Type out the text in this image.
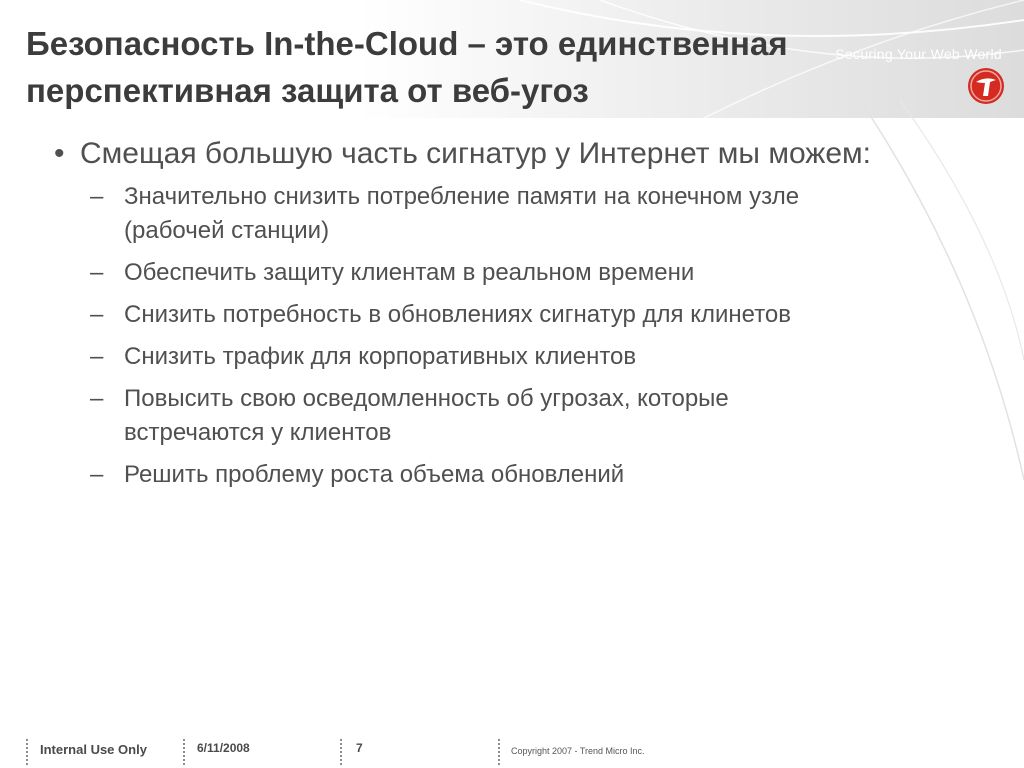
Securing Your Web World
Безопасность In-the-Cloud – это единственная
перспективная защита от веб-угоз
• Смещая большую часть сигнатур у Интернет мы можем:
– Значительно снизить потребление памяти на конечном узле
(рабочей станции)
– Обеспечить защиту клиентам в реальном времени
– Снизить потребность в обновлениях сигнатур для клинетов
– Снизить трафик для корпоративных клиентов
– Повысить свою осведомленность об угрозах, которые
встречаются у клиентов
– Решить проблему роста объема обновлений
Internal Use Only	6/11/2008	7	Copyright 2007 - Trend Micro Inc.
